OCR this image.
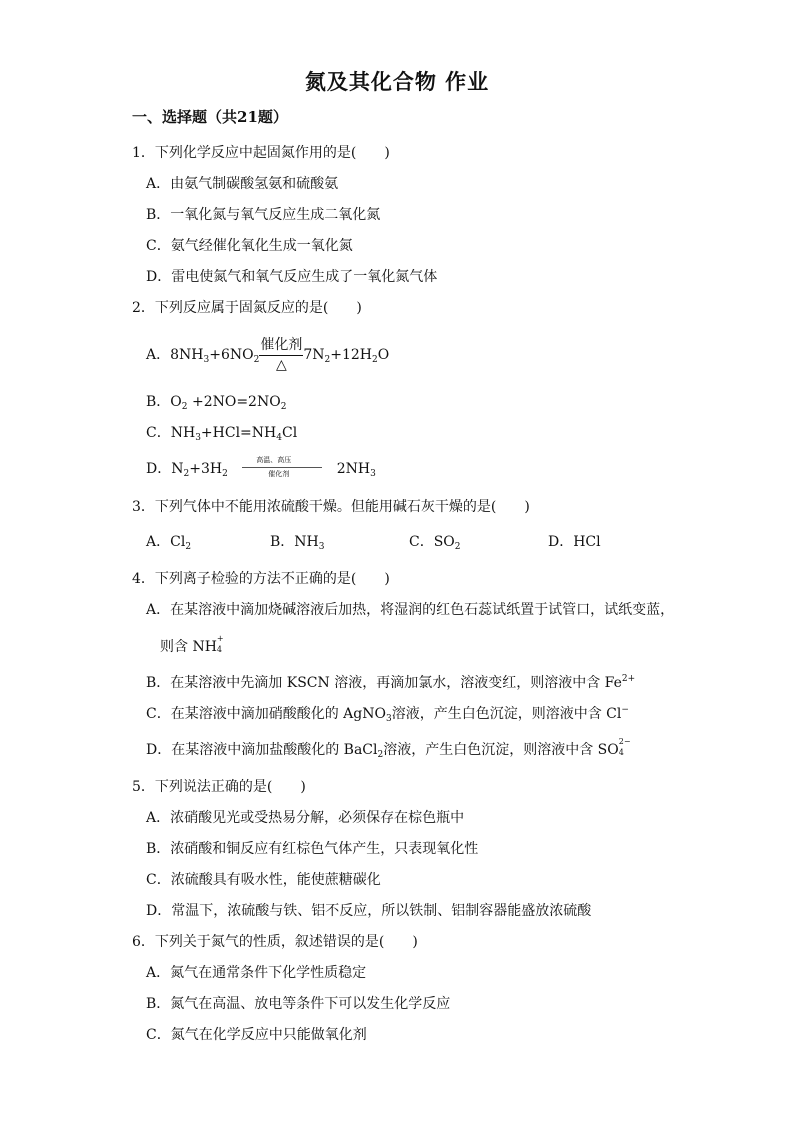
氮及其化合物 作业
一、选择题（共21题）
1．下列化学反应中起固氮作用的是(　　)
A．由氨气制碳酸氢氨和硫酸氨
B．一氧化氮与氧气反应生成二氧化氮
C．氨气经催化氧化生成一氧化氮
D．雷电使氮气和氧气反应生成了一氧化氮气体
2．下列反应属于固氮反应的是(　　)
A．$8NH_3+6NO_2 \frac{\text{催化剂}}{\triangle} 7N_2+12H_2O$
B．$O_2 +2NO=2NO_2$
C．$NH_3+HCl=NH_4Cl$
D．$N_2+3H_2$
高温、高压
催化剂	$2NH_3$
3．下列气体中不能用浓硫酸干燥。但能用碱石灰干燥的是(　　)
A．$Cl_2$	B．$NH_3$	C．$SO_2$	D．HCl
4．下列离子检验的方法不正确的是(　　)
A．在某溶液中滴加烧碱溶液后加热，将湿润的红色石蕊试纸置于试管口，试纸变蓝，
则含 NH
+
4
B．在某溶液中先滴加 KSCN 溶液，再滴加氯水，溶液变红，则溶液中含 $Fe^{2+}$
C．在某溶液中滴加硝酸酸化的 AgNO$_3$溶液，产生白色沉淀，则溶液中含 Cl−
D．在某溶液中滴加盐酸酸化的 BaCl$_2$溶液，产生白色沉淀，则溶液中含 SO
2−
4
5．下列说法正确的是(　　)
A．浓硝酸见光或受热易分解，必须保存在棕色瓶中
B．浓硝酸和铜反应有红棕色气体产生，只表现氧化性
C．浓硫酸具有吸水性，能使蔗糖碳化
D．常温下，浓硫酸与铁、铝不反应，所以铁制、铝制容器能盛放浓硫酸
6．下列关于氮气的性质，叙述错误的是(　　)
A．氮气在通常条件下化学性质稳定
B．氮气在高温、放电等条件下可以发生化学反应
C．氮气在化学反应中只能做氧化剂
